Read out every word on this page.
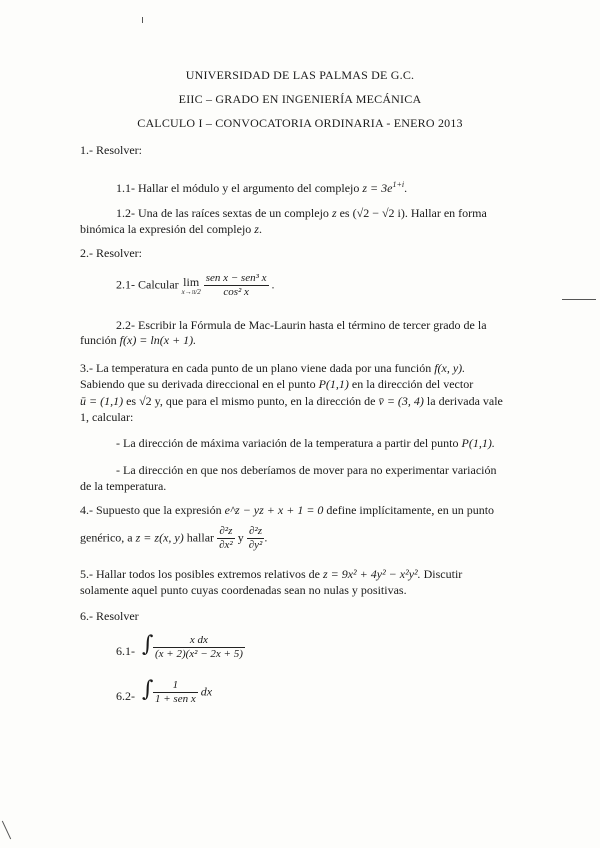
UNIVERSIDAD DE LAS PALMAS DE G.C.
EIIC – GRADO EN INGENIERÍA MECÁNICA
CALCULO I – CONVOCATORIA ORDINARIA - ENERO 2013
1.- Resolver:
1.1- Hallar el módulo y el argumento del complejo $z = 3e^{1+i}$.
1.2- Una de las raíces sextas de un complejo z es (√2 − √2 i). Hallar en forma
binómica la expresión del complejo z.
2.- Resolver:
2.1- Calcular lim
x→π/2
$\frac{\text{sen x − sen³ x}}{\text{cos² x}}$ .
2.2- Escribir la Fórmula de Mac-Laurin hasta el término de tercer grado de la
función f(x) = ln(x + 1).
3.- La temperatura en cada punto de un plano viene dada por una función f(x, y).
Sabiendo que su derivada direccional en el punto P(1,1) en la dirección del vector
ū = (1,1) es √2 y, que para el mismo punto, en la dirección de v̄ = (3, 4) la derivada vale
1, calcular:
- La dirección de máxima variación de la temperatura a partir del punto P(1,1).
- La dirección en que nos deberíamos de mover para no experimentar variación
de la temperatura.
4.- Supuesto que la expresión e^z − yz + x + 1 = 0 define implícitamente, en un punto
genérico, a z = z(x, y) hallar $\frac{\text{∂²z}}{\text{∂x²}}$ y $\frac{\text{∂²z}}{\text{∂y²}}$ .
5.- Hallar todos los posibles extremos relativos de z = 9x² + 4y² − x²y². Discutir
solamente aquel punto cuyas coordenadas sean no nulas y positivas.
6.- Resolver
6.1- ∫ $\frac{\text{x dx}}{\text{(x + 2)(x² − 2x + 5)}}$
6.2- ∫ $\frac{1}{\text{1 + sen x}}$ dx
